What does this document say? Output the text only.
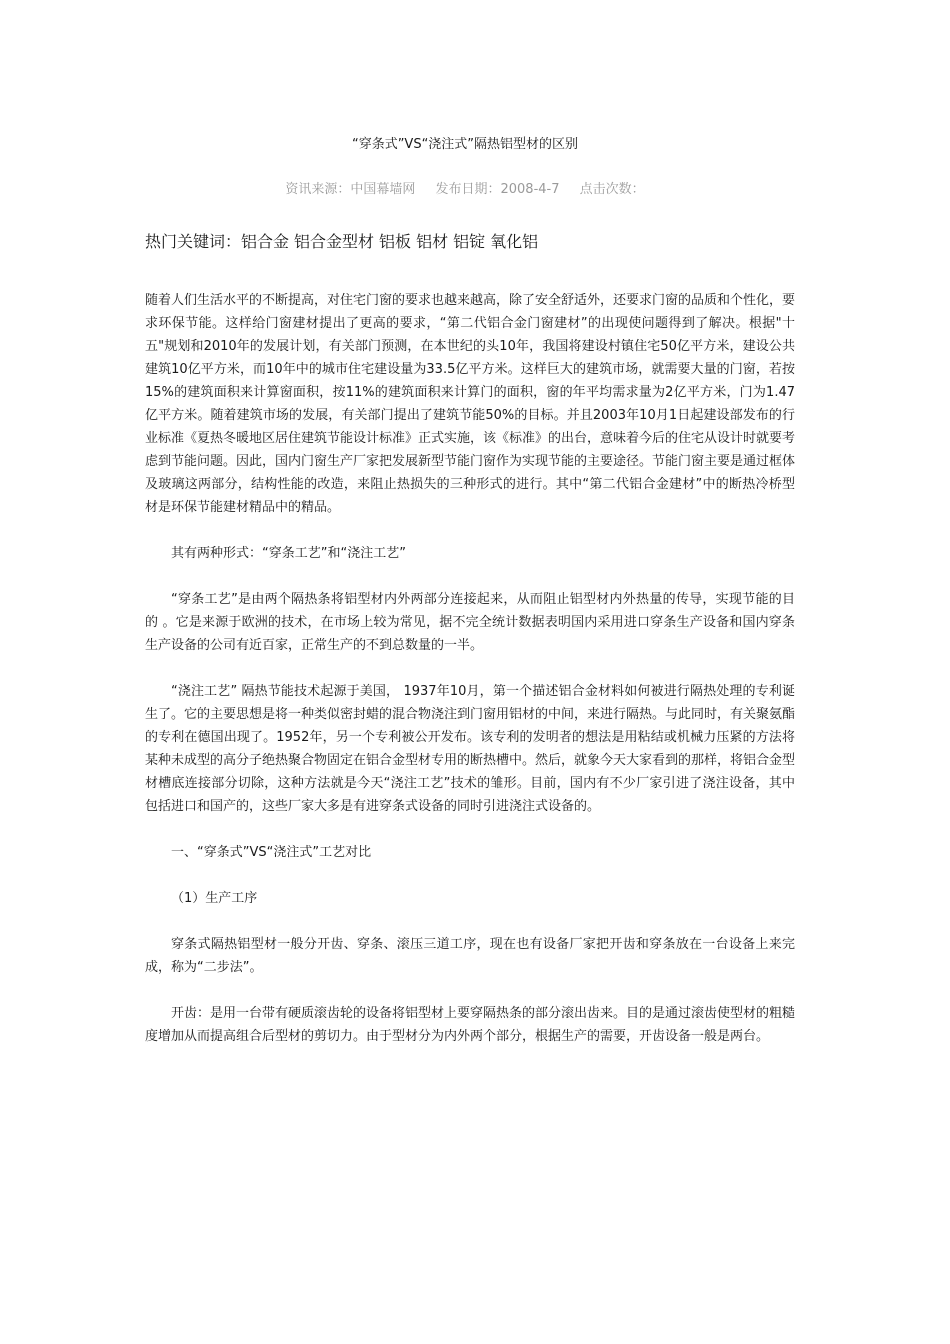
“穿条式”VS“浇注式”隔热铝型材的区别
资讯来源：中国幕墙网 发布日期：2008-4-7 点击次数：
热门关键词：铝合金 铝合金型材 铝板 铝材 铝锭 氧化铝

随着人们生活水平的不断提高，对住宅门窗的要求也越来越高，除了安全舒适外，还要求门窗的品质和个性化，要求环保节能。这样给门窗建材提出了更高的要求，“第二代铝合金门窗建材”的出现使问题得到了解决。根据"十五"规划和2010年的发展计划，有关部门预测，在本世纪的头10年，我国将建设村镇住宅50亿平方米，建设公共建筑10亿平方米，而10年中的城市住宅建设量为33.5亿平方米。这样巨大的建筑市场，就需要大量的门窗，若按15%的建筑面积来计算窗面积，按11%的建筑面积来计算门的面积，窗的年平均需求量为2亿平方米，门为1.47亿平方米。随着建筑市场的发展，有关部门提出了建筑节能50%的目标。并且2003年10月1日起建设部发布的行业标准《夏热冬暖地区居住建筑节能设计标准》正式实施，该《标准》的出台，意味着今后的住宅从设计时就要考虑到节能问题。因此，国内门窗生产厂家把发展新型节能门窗作为实现节能的主要途径。节能门窗主要是通过框体及玻璃这两部分，结构性能的改造，来阻止热损失的三种形式的进行。其中“第二代铝合金建材”中的断热冷桥型材是环保节能建材精品中的精品。

其有两种形式：“穿条工艺”和“浇注工艺”

“穿条工艺”是由两个隔热条将铝型材内外两部分连接起来，从而阻止铝型材内外热量的传导，实现节能的目的 。它是来源于欧洲的技术，在市场上较为常见，据不完全统计数据表明国内采用进口穿条生产设备和国内穿条生产设备的公司有近百家，正常生产的不到总数量的一半。

“浇注工艺” 隔热节能技术起源于美国， 1937年10月，第一个描述铝合金材料如何被进行隔热处理的专利诞生了。它的主要思想是将一种类似密封蜡的混合物浇注到门窗用铝材的中间，来进行隔热。与此同时，有关聚氨酯的专利在德国出现了。1952年，另一个专利被公开发布。该专利的发明者的想法是用粘结或机械力压紧的方法将某种未成型的高分子绝热聚合物固定在铝合金型材专用的断热槽中。然后，就象今天大家看到的那样，将铝合金型材槽底连接部分切除，这种方法就是今天“浇注工艺”技术的雏形。目前，国内有不少厂家引进了浇注设备，其中包括进口和国产的，这些厂家大多是有进穿条式设备的同时引进浇注式设备的。

一、“穿条式”VS“浇注式”工艺对比

（1）生产工序

穿条式隔热铝型材一般分开齿、穿条、滚压三道工序，现在也有设备厂家把开齿和穿条放在一台设备上来完成，称为“二步法”。

开齿：是用一台带有硬质滚齿轮的设备将铝型材上要穿隔热条的部分滚出齿来。目的是通过滚齿使型材的粗糙度增加从而提高组合后型材的剪切力。由于型材分为内外两个部分，根据生产的需要，开齿设备一般是两台。
